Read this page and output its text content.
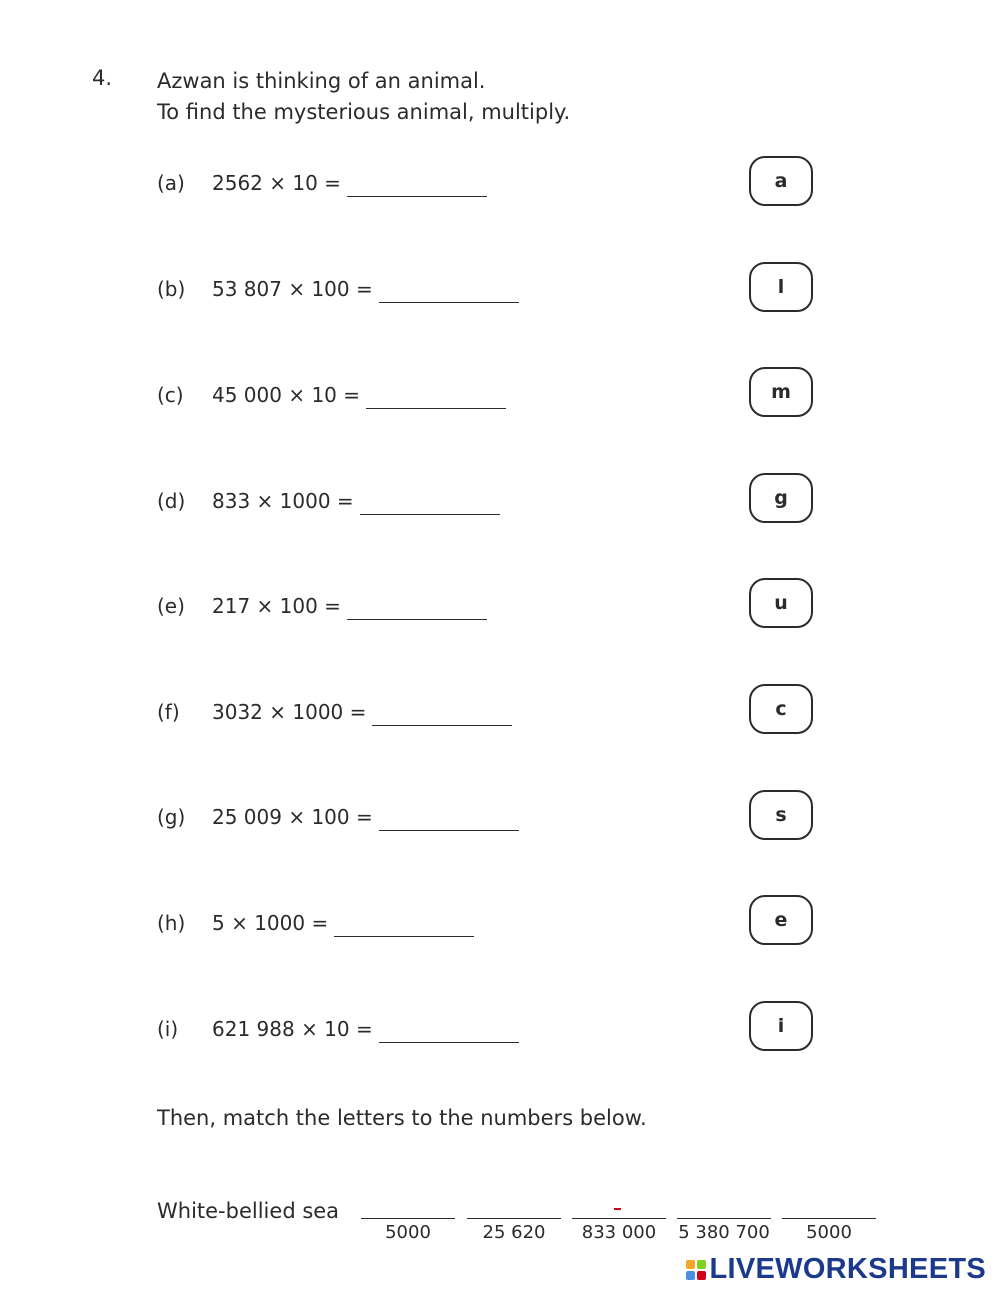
4. Azwan is thinking of an animal.
To find the mysterious animal, multiply.
(a)	2562 × 10 =	a
(b)	53 807 × 100 =	l
(c)	45 000 × 10 =	m
(d)	833 × 1000 =	g
(e)	217 × 100 =	u
(f)	3032 × 1000 =	c
(g)	25 009 × 100 =	s
(h)	5 × 1000 =	e
(i)	621 988 × 10 =	i
Then, match the letters to the numbers below.
White-bellied sea
5000	25 620	833 000	5 380 700	5000
LIVEWORKSHEETS
